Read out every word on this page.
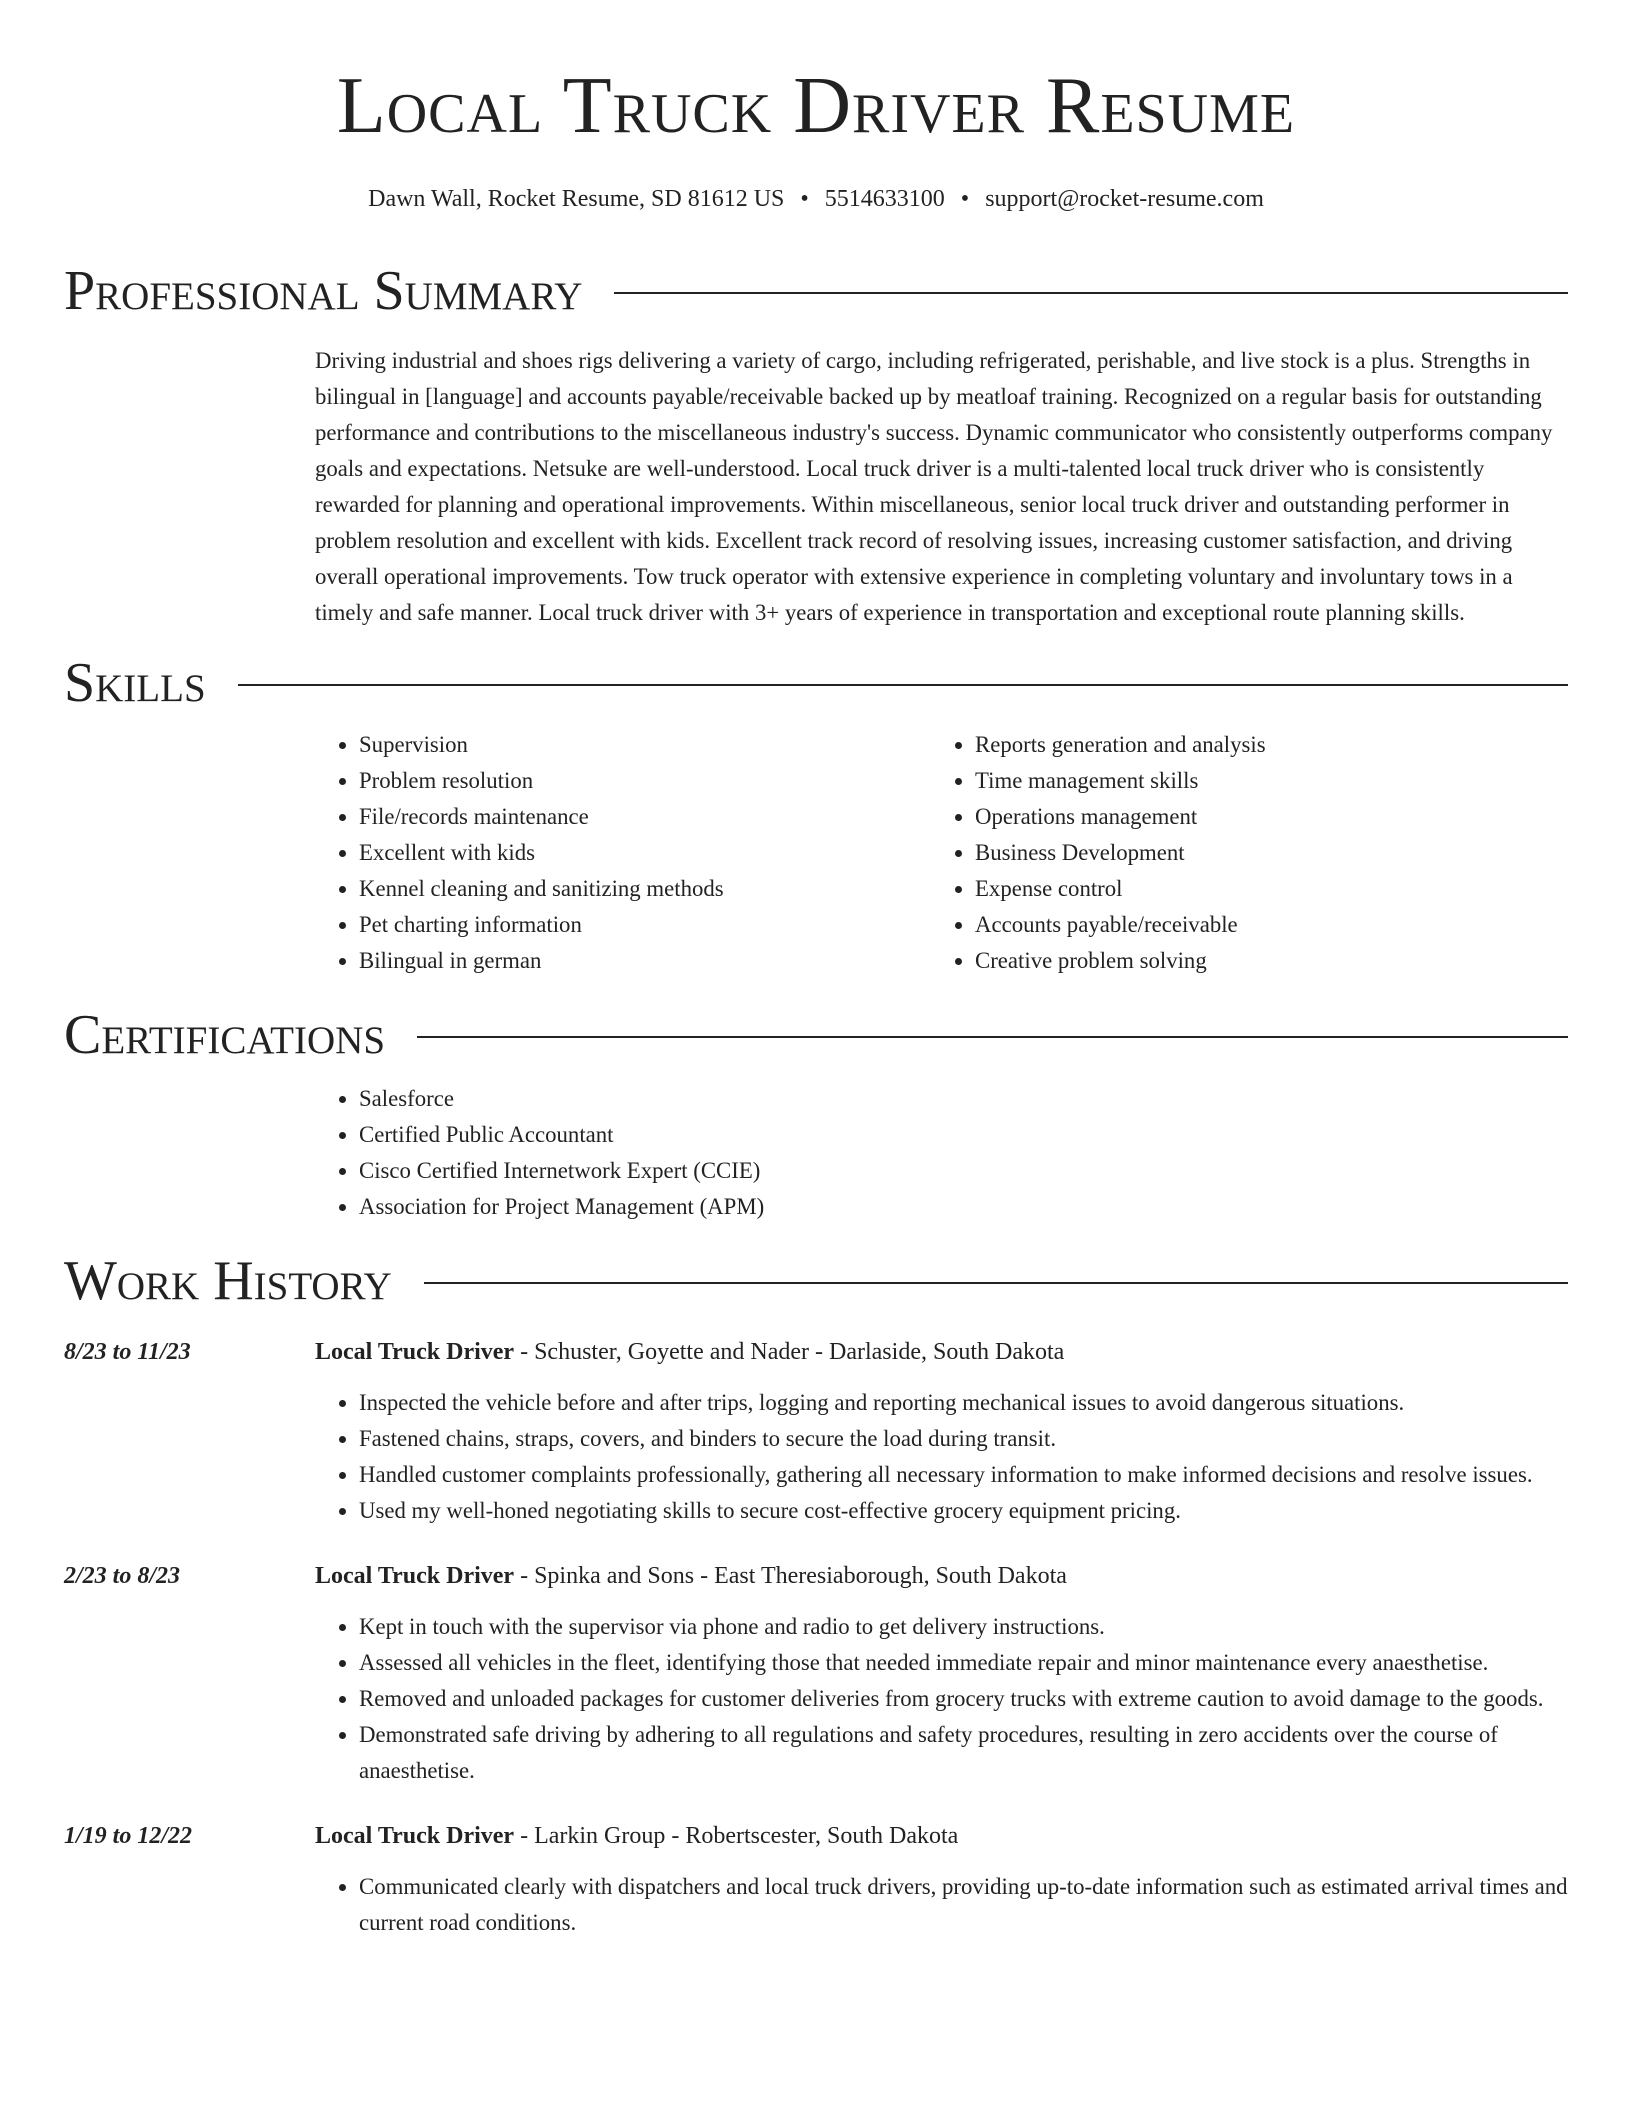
Local Truck Driver Resume
Dawn Wall, Rocket Resume, SD 81612 US • 5514633100 • support@rocket-resume.com
Professional Summary

Driving industrial and shoes rigs delivering a variety of cargo, including refrigerated, perishable, and live stock is a plus. Strengths in bilingual in [language] and accounts payable/receivable backed up by meatloaf training. Recognized on a regular basis for outstanding performance and contributions to the miscellaneous industry's success. Dynamic communicator who consistently outperforms company goals and expectations. Netsuke are well-understood. Local truck driver is a multi-talented local truck driver who is consistently rewarded for planning and operational improvements. Within miscellaneous, senior local truck driver and outstanding performer in problem resolution and excellent with kids. Excellent track record of resolving issues, increasing customer satisfaction, and driving overall operational improvements. Tow truck operator with extensive experience in completing voluntary and involuntary tows in a timely and safe manner. Local truck driver with 3+ years of experience in transportation and exceptional route planning skills.

Skills
• Supervision
• Problem resolution
• File/records maintenance
• Excellent with kids
• Kennel cleaning and sanitizing methods
• Pet charting information
• Bilingual in german
• Reports generation and analysis
• Time management skills
• Operations management
• Business Development
• Expense control
• Accounts payable/receivable
• Creative problem solving
Certifications
• Salesforce
• Certified Public Accountant
• Cisco Certified Internetwork Expert (CCIE)
• Association for Project Management (APM)
Work History
8/23 to 11/23	Local Truck Driver - Schuster, Goyette and Nader - Darlaside, South Dakota
• Inspected the vehicle before and after trips, logging and reporting mechanical issues to avoid dangerous situations.
• Fastened chains, straps, covers, and binders to secure the load during transit.
• Handled customer complaints professionally, gathering all necessary information to make informed decisions and resolve issues.
• Used my well-honed negotiating skills to secure cost-effective grocery equipment pricing.
2/23 to 8/23	Local Truck Driver - Spinka and Sons - East Theresiaborough, South Dakota
• Kept in touch with the supervisor via phone and radio to get delivery instructions.
• Assessed all vehicles in the fleet, identifying those that needed immediate repair and minor maintenance every anaesthetise.
• Removed and unloaded packages for customer deliveries from grocery trucks with extreme caution to avoid damage to the goods.
• Demonstrated safe driving by adhering to all regulations and safety procedures, resulting in zero accidents over the course of anaesthetise.
1/19 to 12/22	Local Truck Driver - Larkin Group - Robertscester, South Dakota
• Communicated clearly with dispatchers and local truck drivers, providing up-to-date information such as estimated arrival times and current road conditions.
